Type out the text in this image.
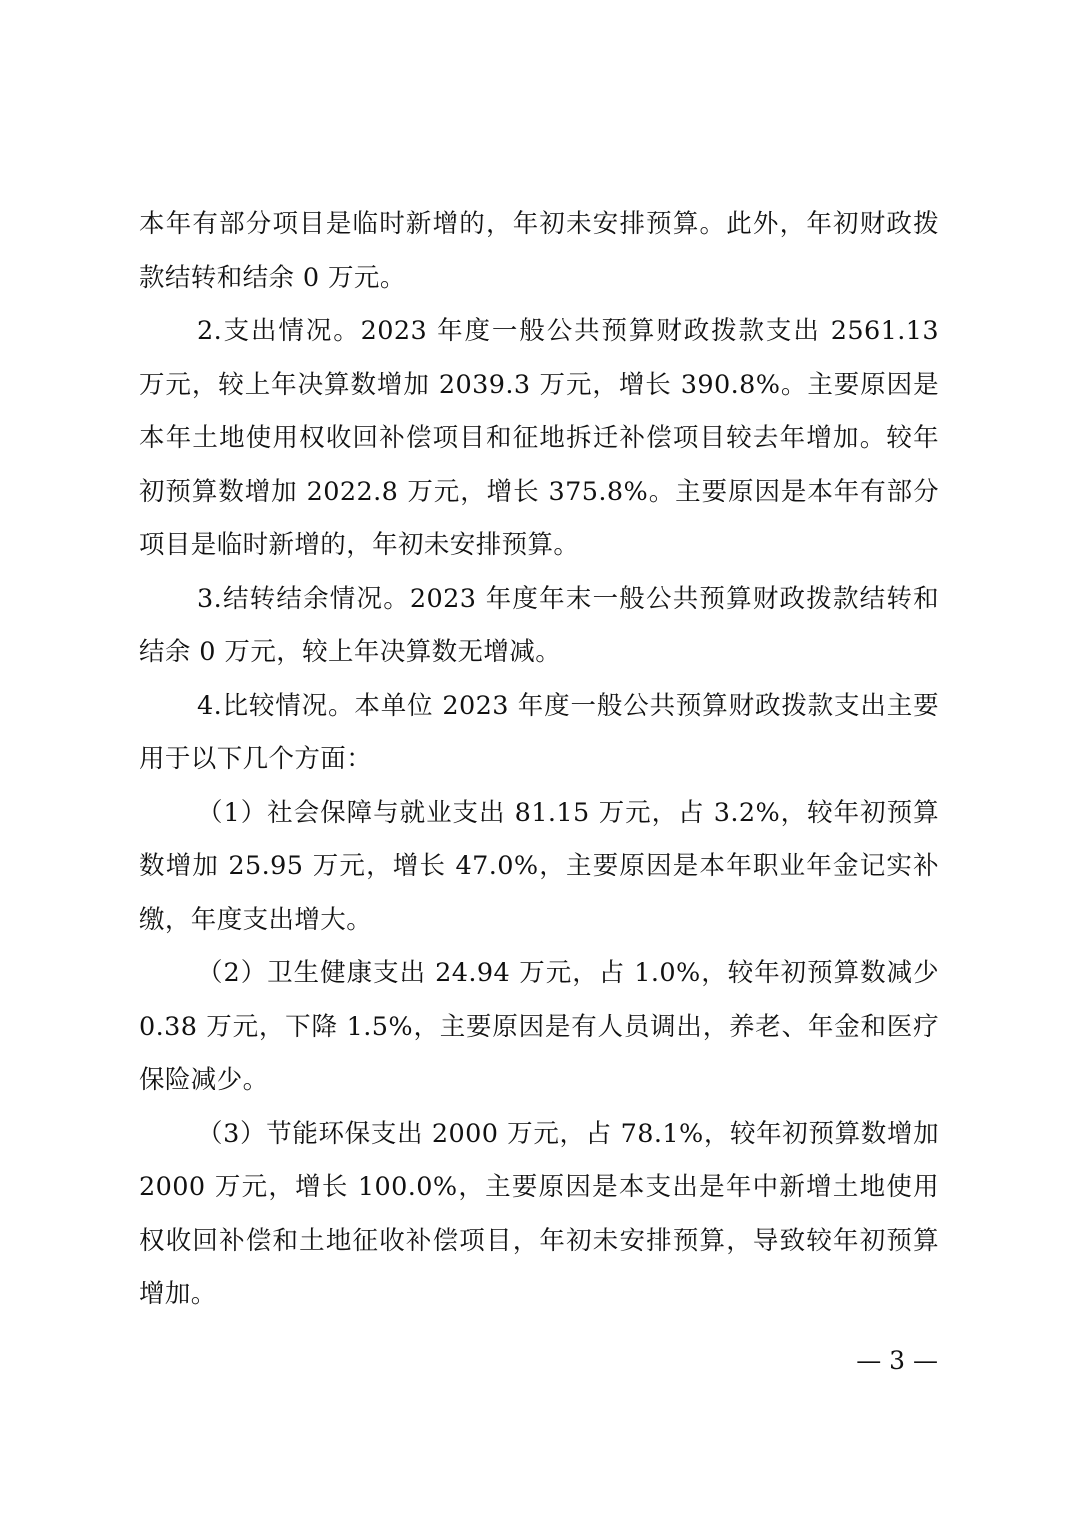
本年有部分项目是临时新增的，年初未安排预算。此外，年初财政拨款结转和结余 0 万元。

2.支出情况。2023 年度一般公共预算财政拨款支出 2561.13 万元，较上年决算数增加 2039.3 万元，增长 390.8%。主要原因是本年土地使用权收回补偿项目和征地拆迁补偿项目较去年增加。较年初预算数增加 2022.8 万元，增长 375.8%。主要原因是本年有部分项目是临时新增的，年初未安排预算。

3.结转结余情况。2023 年度年末一般公共预算财政拨款结转和结余 0 万元，较上年决算数无增减。

4.比较情况。本单位 2023 年度一般公共预算财政拨款支出主要用于以下几个方面：

（1）社会保障与就业支出 81.15 万元，占 3.2%，较年初预算数增加 25.95 万元，增长 47.0%，主要原因是本年职业年金记实补缴，年度支出增大。

（2）卫生健康支出 24.94 万元，占 1.0%，较年初预算数减少 0.38 万元，下降 1.5%，主要原因是有人员调出，养老、年金和医疗保险减少。

（3）节能环保支出 2000 万元，占 78.1%，较年初预算数增加 2000 万元，增长 100.0%，主要原因是本支出是年中新增土地使用权收回补偿和土地征收补偿项目，年初未安排预算，导致较年初预算增加。

— 3 —
